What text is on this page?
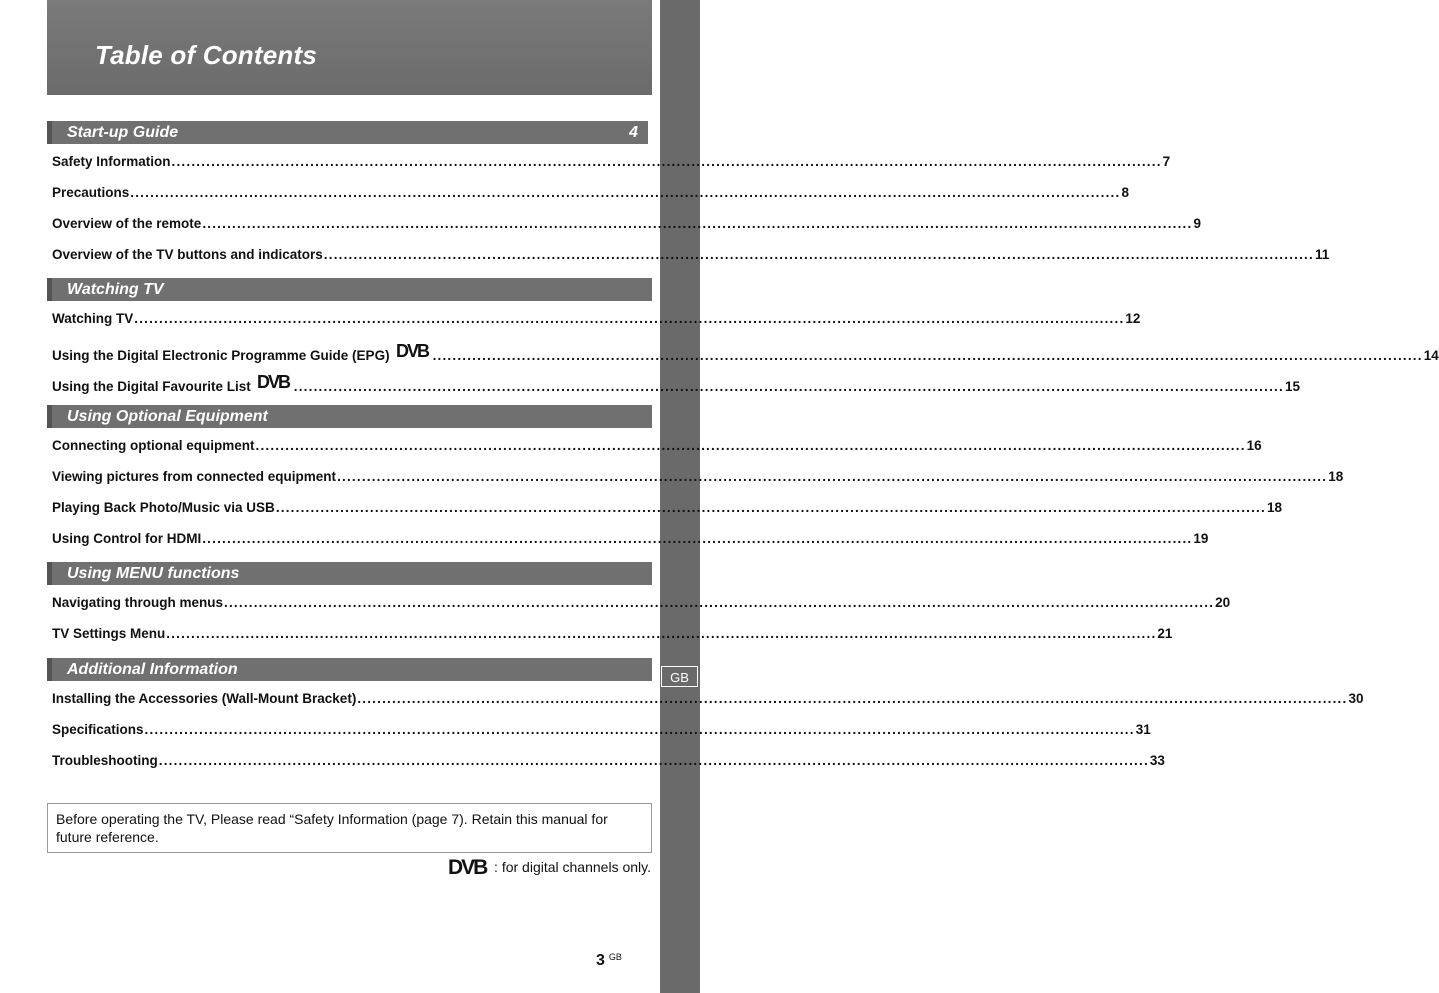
GB
Table of Contents
Start-up Guide	4
Safety Information ........................................................................................................................................................................................................ 7
Precautions ........................................................................................................................................................................................................ 8
Overview of the remote ........................................................................................................................................................................................................ 9
Overview of the TV buttons and indicators ........................................................................................................................................................................................................ 11
Watching TV
Watching TV ........................................................................................................................................................................................................ 12
Using the Digital Electronic Programme Guide (EPG) DVB ........................................................................................................................................................................................................ 14
Using the Digital Favourite List DVB ........................................................................................................................................................................................................ 15
Using Optional Equipment
Connecting optional equipment ........................................................................................................................................................................................................ 16
Viewing pictures from connected equipment ........................................................................................................................................................................................................ 18
Playing Back Photo/Music via USB ........................................................................................................................................................................................................ 18
Using Control for HDMI ........................................................................................................................................................................................................ 19
Using MENU functions
Navigating through menus ........................................................................................................................................................................................................ 20
TV Settings Menu ........................................................................................................................................................................................................ 21
Additional Information
Installing the Accessories (Wall-Mount Bracket) ........................................................................................................................................................................................................ 30
Specifications ........................................................................................................................................................................................................ 31
Troubleshooting ........................................................................................................................................................................................................ 33
Before operating the TV, Please read “Safety Information (page 7). Retain this manual for future reference.
DVB : for digital channels only.
3 $^{GB}$
